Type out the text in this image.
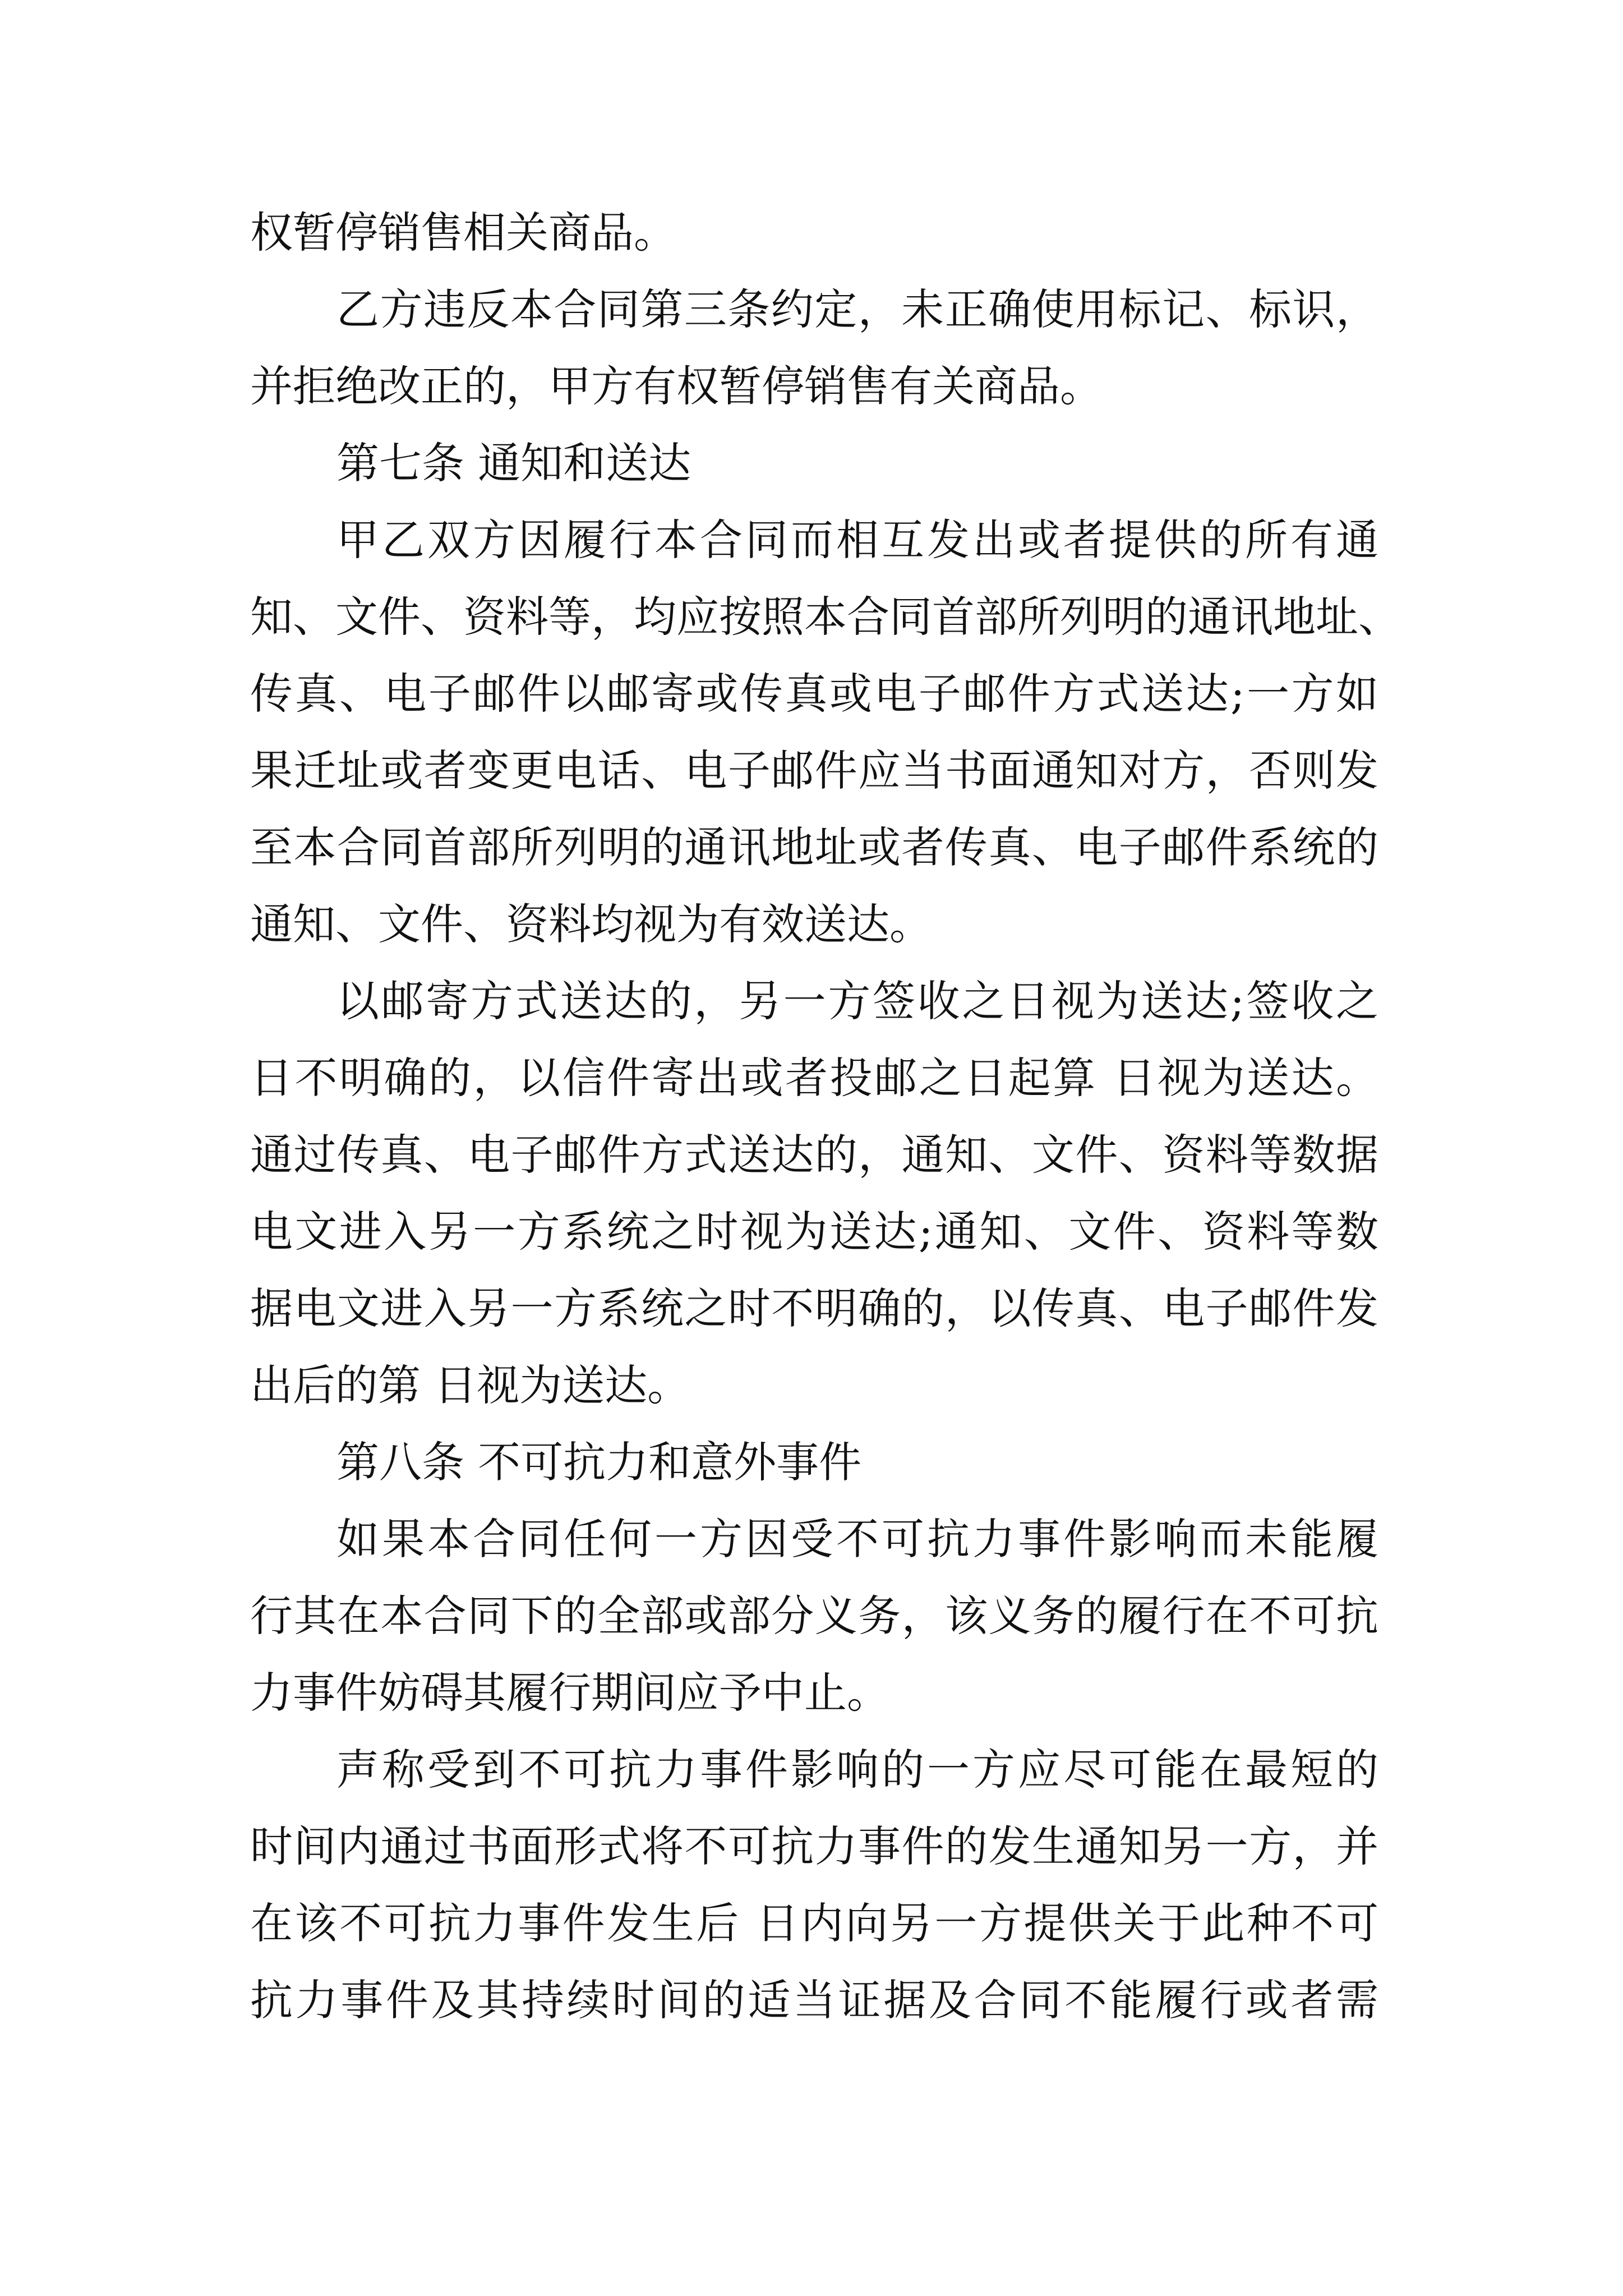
权暂停销售相关商品。

乙方违反本合同第三条约定，未正确使用标记、标识，

并拒绝改正的，甲方有权暂停销售有关商品。

第七条 通知和送达

甲乙双方因履行本合同而相互发出或者提供的所有通

知、文件、资料等，均应按照本合同首部所列明的通讯地址、

传真、电子邮件以邮寄或传真或电子邮件方式送达;一方如

果迁址或者变更电话、电子邮件应当书面通知对方，否则发

至本合同首部所列明的通讯地址或者传真、电子邮件系统的

通知、文件、资料均视为有效送达。

以邮寄方式送达的，另一方签收之日视为送达;签收之

日不明确的，以信件寄出或者投邮之日起算 日视为送达。

通过传真、电子邮件方式送达的，通知、文件、资料等数据

电文进入另一方系统之时视为送达;通知、文件、资料等数

据电文进入另一方系统之时不明确的，以传真、电子邮件发

出后的第 日视为送达。

第八条 不可抗力和意外事件

如果本合同任何一方因受不可抗力事件影响而未能履

行其在本合同下的全部或部分义务，该义务的履行在不可抗

力事件妨碍其履行期间应予中止。

声称受到不可抗力事件影响的一方应尽可能在最短的

时间内通过书面形式将不可抗力事件的发生通知另一方，并

在该不可抗力事件发生后 日内向另一方提供关于此种不可

抗力事件及其持续时间的适当证据及合同不能履行或者需
